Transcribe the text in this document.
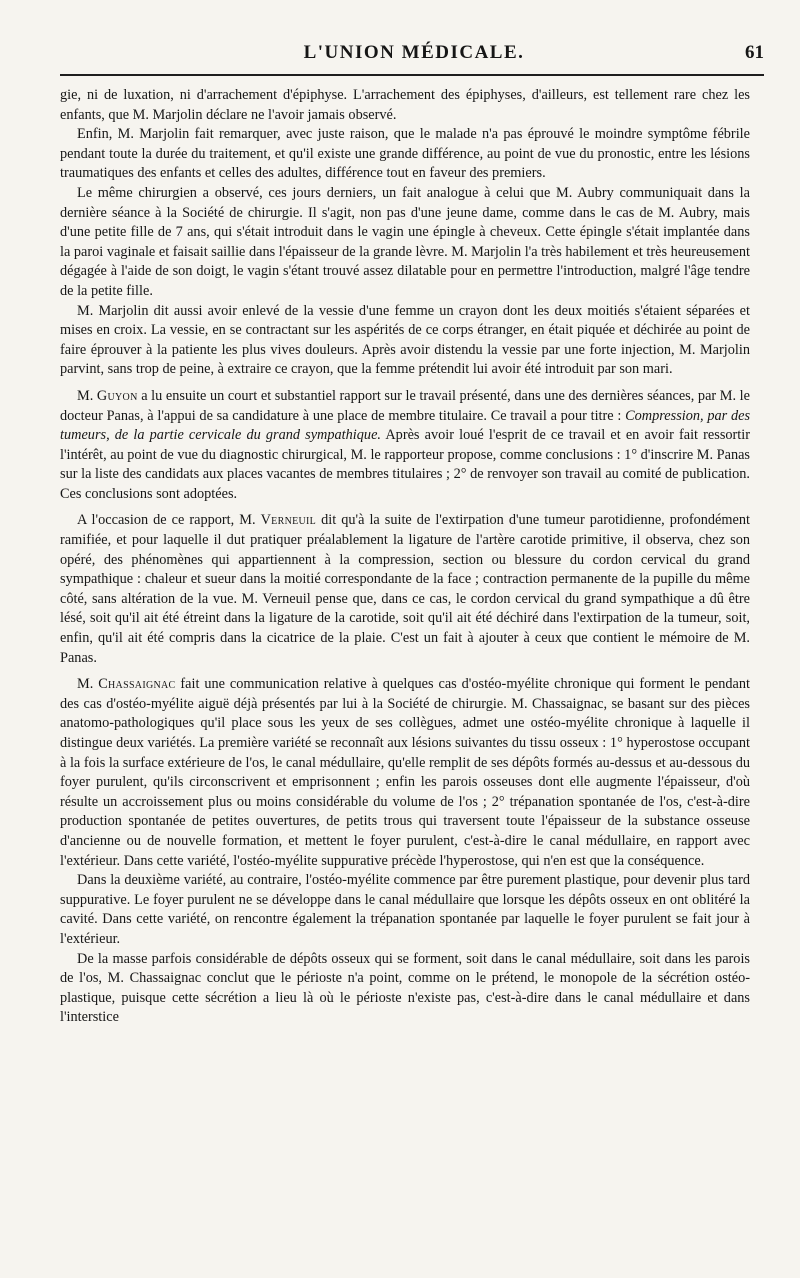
L'UNION MÉDICALE.	61

gie, ni de luxation, ni d'arrachement d'épiphyse. L'arrachement des épiphyses, d'ailleurs, est tellement rare chez les enfants, que M. Marjolin déclare ne l'avoir jamais observé.

Enfin, M. Marjolin fait remarquer, avec juste raison, que le malade n'a pas éprouvé le moindre symptôme fébrile pendant toute la durée du traitement, et qu'il existe une grande différence, au point de vue du pronostic, entre les lésions traumatiques des enfants et celles des adultes, différence tout en faveur des premiers.

Le même chirurgien a observé, ces jours derniers, un fait analogue à celui que M. Aubry communiquait dans la dernière séance à la Société de chirurgie. Il s'agit, non pas d'une jeune dame, comme dans le cas de M. Aubry, mais d'une petite fille de 7 ans, qui s'était introduit dans le vagin une épingle à cheveux. Cette épingle s'était implantée dans la paroi vaginale et faisait saillie dans l'épaisseur de la grande lèvre. M. Marjolin l'a très habilement et très heureusement dégagée à l'aide de son doigt, le vagin s'étant trouvé assez dilatable pour en permettre l'introduction, malgré l'âge tendre de la petite fille.

M. Marjolin dit aussi avoir enlevé de la vessie d'une femme un crayon dont les deux moitiés s'étaient séparées et mises en croix. La vessie, en se contractant sur les aspérités de ce corps étranger, en était piquée et déchirée au point de faire éprouver à la patiente les plus vives douleurs. Après avoir distendu la vessie par une forte injection, M. Marjolin parvint, sans trop de peine, à extraire ce crayon, que la femme prétendit lui avoir été introduit par son mari.

M. Guyon a lu ensuite un court et substantiel rapport sur le travail présenté, dans une des dernières séances, par M. le docteur Panas, à l'appui de sa candidature à une place de membre titulaire. Ce travail a pour titre : Compression, par des tumeurs, de la partie cervicale du grand sympathique. Après avoir loué l'esprit de ce travail et en avoir fait ressortir l'intérêt, au point de vue du diagnostic chirurgical, M. le rapporteur propose, comme conclusions : 1° d'inscrire M. Panas sur la liste des candidats aux places vacantes de membres titulaires ; 2° de renvoyer son travail au comité de publication. Ces conclusions sont adoptées.

A l'occasion de ce rapport, M. Verneuil dit qu'à la suite de l'extirpation d'une tumeur parotidienne, profondément ramifiée, et pour laquelle il dut pratiquer préalablement la ligature de l'artère carotide primitive, il observa, chez son opéré, des phénomènes qui appartiennent à la compression, section ou blessure du cordon cervical du grand sympathique : chaleur et sueur dans la moitié correspondante de la face ; contraction permanente de la pupille du même côté, sans altération de la vue. M. Verneuil pense que, dans ce cas, le cordon cervical du grand sympathique a dû être lésé, soit qu'il ait été étreint dans la ligature de la carotide, soit qu'il ait été déchiré dans l'extirpation de la tumeur, soit, enfin, qu'il ait été compris dans la cicatrice de la plaie. C'est un fait à ajouter à ceux que contient le mémoire de M. Panas.

M. Chassaignac fait une communication relative à quelques cas d'ostéo-myélite chronique qui forment le pendant des cas d'ostéo-myélite aiguë déjà présentés par lui à la Société de chirurgie. M. Chassaignac, se basant sur des pièces anatomo-pathologiques qu'il place sous les yeux de ses collègues, admet une ostéo-myélite chronique à laquelle il distingue deux variétés. La première variété se reconnaît aux lésions suivantes du tissu osseux : 1° hyperostose occupant à la fois la surface extérieure de l'os, le canal médullaire, qu'elle remplit de ses dépôts formés au-dessus et au-dessous du foyer purulent, qu'ils circonscrivent et emprisonnent ; enfin les parois osseuses dont elle augmente l'épaisseur, d'où résulte un accroissement plus ou moins considérable du volume de l'os ; 2° trépanation spontanée de l'os, c'est-à-dire production spontanée de petites ouvertures, de petits trous qui traversent toute l'épaisseur de la substance osseuse d'ancienne ou de nouvelle formation, et mettent le foyer purulent, c'est-à-dire le canal médullaire, en rapport avec l'extérieur. Dans cette variété, l'ostéo-myélite suppurative précède l'hyperostose, qui n'en est que la conséquence.

Dans la deuxième variété, au contraire, l'ostéo-myélite commence par être purement plastique, pour devenir plus tard suppurative. Le foyer purulent ne se développe dans le canal médullaire que lorsque les dépôts osseux en ont oblitéré la cavité. Dans cette variété, on rencontre également la trépanation spontanée par laquelle le foyer purulent se fait jour à l'extérieur.

De la masse parfois considérable de dépôts osseux qui se forment, soit dans le canal médullaire, soit dans les parois de l'os, M. Chassaignac conclut que le périoste n'a point, comme on le prétend, le monopole de la sécrétion ostéo-plastique, puisque cette sécrétion a lieu là où le périoste n'existe pas, c'est-à-dire dans le canal médullaire et dans l'interstice
